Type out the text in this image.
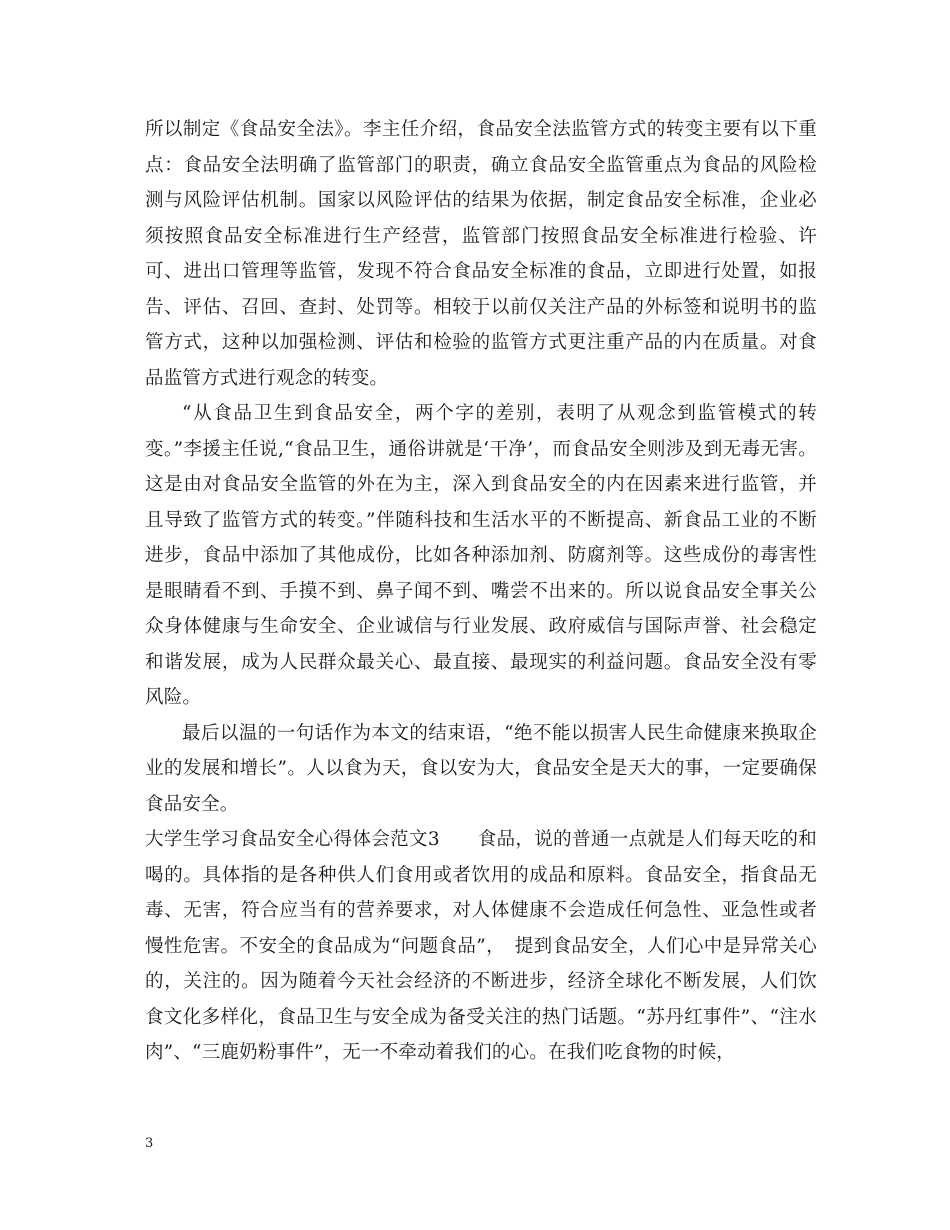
所以制定《食品安全法》。李主任介绍，食品安全法监管方式的转变主要有以下重点：食品安全法明确了监管部门的职责，确立食品安全监管重点为食品的风险检测与风险评估机制。国家以风险评估的结果为依据，制定食品安全标准，企业必须按照食品安全标准进行生产经营，监管部门按照食品安全标准进行检验、许可、进出口管理等监管，发现不符合食品安全标准的食品，立即进行处置，如报告、评估、召回、查封、处罚等。相较于以前仅关注产品的外标签和说明书的监管方式，这种以加强检测、评估和检验的监管方式更注重产品的内在质量。对食品监管方式进行观念的转变。

“从食品卫生到食品安全，两个字的差别，表明了从观念到监管模式的转变。”李援主任说,“食品卫生，通俗讲就是‘干净’，而食品安全则涉及到无毒无害。这是由对食品安全监管的外在为主，深入到食品安全的内在因素来进行监管，并且导致了监管方式的转变。”伴随科技和生活水平的不断提高、新食品工业的不断进步，食品中添加了其他成份，比如各种添加剂、防腐剂等。这些成份的毒害性是眼睛看不到、手摸不到、鼻子闻不到、嘴尝不出来的。所以说食品安全事关公众身体健康与生命安全、企业诚信与行业发展、政府威信与国际声誉、社会稳定和谐发展，成为人民群众最关心、最直接、最现实的利益问题。食品安全没有零风险。

最后以温的一句话作为本文的结束语，“绝不能以损害人民生命健康来换取企业的发展和增长”。人以食为天，食以安为大，食品安全是天大的事，一定要确保食品安全。

大学生学习食品安全心得体会范文3　　食品，说的普通一点就是人们每天吃的和喝的。具体指的是各种供人们食用或者饮用的成品和原料。食品安全，指食品无毒、无害，符合应当有的营养要求，对人体健康不会造成任何急性、亚急性或者慢性危害。不安全的食品成为“问题食品”，　提到食品安全，人们心中是异常关心的，关注的。因为随着今天社会经济的不断进步，经济全球化不断发展，人们饮食文化多样化，食品卫生与安全成为备受关注的热门话题。“苏丹红事件”、“注水肉”、“三鹿奶粉事件”，无一不牵动着我们的心。在我们吃食物的时候，

3
